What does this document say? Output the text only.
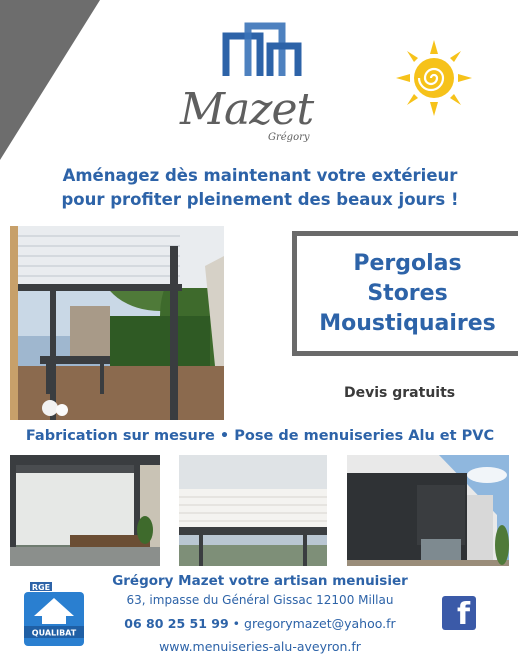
Mazet
Grégory
Aménagez dès maintenant votre extérieur
pour profiter pleinement des beaux jours !
Pergolas
Stores
Moustiquaires
Devis gratuits
Fabrication sur mesure • Pose de menuiseries Alu et PVC
RGE
QUALIBAT
Grégory Mazet votre artisan menuisier
63, impasse du Général Gissac 12100 Millau
06 80 25 51 99 • gregorymazet@yahoo.fr
www.menuiseries-alu-aveyron.fr
f
